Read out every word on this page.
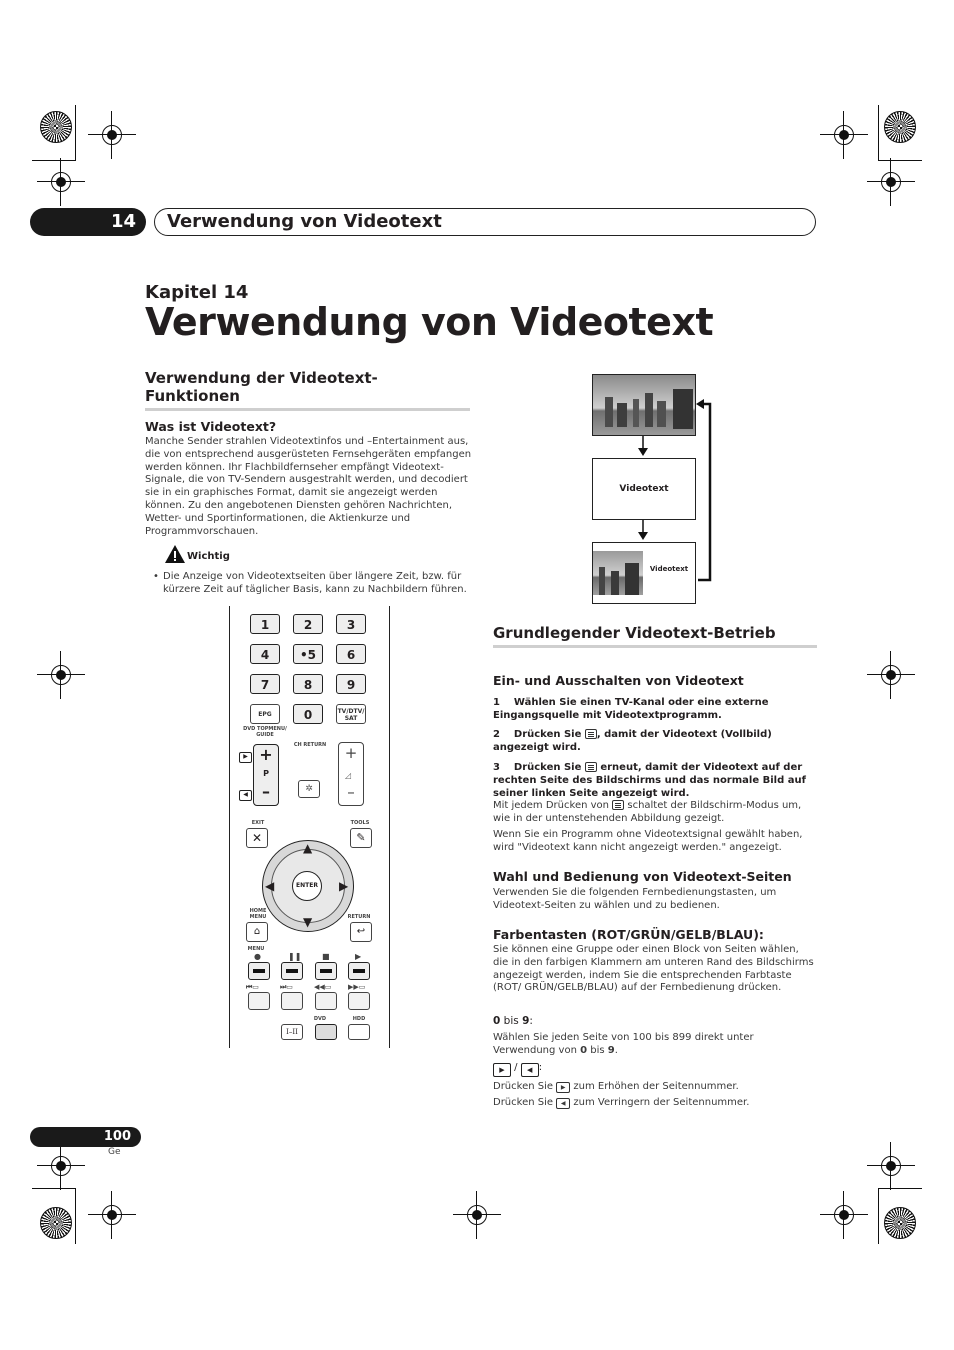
14	Verwendung von Videotext
Kapitel 14
Verwendung von Videotext
Verwendung der Videotext-Funktionen
Was ist Videotext?
Manche Sender strahlen Videotextinfos und –Entertainment aus, die von entsprechend ausgerüsteten Fernsehgeräten empfangen werden können. Ihr Flachbildfernseher empfängt Videotext-Signale, die von TV-Sendern ausgestrahlt werden, und decodiert sie in ein graphisches Format, damit sie angezeigt werden können. Zu den angebotenen Diensten gehören Nachrichten, Wetter- und Sportinformationen, die Aktienkurze und Programmvorschauen.
Wichtig
• Die Anzeige von Videotextseiten über längere Zeit, bzw. für kürzere Zeit auf täglicher Basis, kann zu Nachbildern führen.
Videotext
Videotext
1	2	3
4	•5	6
7	8	9
EPG	0	TV/DTV/ SAT
DVD TOPMENU/ GUIDE
CH RETURN
▶
◀
+
P
–	✲
+
◿
–
EXIT	TOOLS
✕	✎
▲
▼
◀	▶
ENTER
HOME MENU	RETURN
⌂	↩
MENU
●	❚❚	■	▶
⏮▭	⏭▭	◀◀▭ ▶▶▭
DVD	HDD
I–II
Grundlegender Videotext-Betrieb
Ein- und Ausschalten von Videotext
1 Wählen Sie einen TV-Kanal oder eine externe Eingangsquelle mit Videotextprogramm.
2 Drücken Sie , damit der Videotext (Vollbild) angezeigt wird.
3 Drücken Sie erneut, damit der Videotext auf der rechten Seite des Bildschirms und das normale Bild auf seiner linken Seite angezeigt wird.
Mit jedem Drücken von schaltet der Bildschirm-Modus um, wie in der untenstehenden Abbildung gezeigt.
Wenn Sie ein Programm ohne Videotextsignal gewählt haben, wird "Videotext kann nicht angezeigt werden." angezeigt.
Wahl und Bedienung von Videotext-Seiten
Verwenden Sie die folgenden Fernbedienungstasten, um Videotext-Seiten zu wählen und zu bedienen.
Farbentasten (ROT/GRÜN/GELB/BLAU):
Sie können eine Gruppe oder einen Block von Seiten wählen, die in den farbigen Klammern am unteren Rand des Bildschirms angezeigt werden, indem Sie die entsprechenden Farbtaste (ROT/ GRÜN/GELB/BLAU) auf der Fernbedienung drücken.
0 bis 9:
Wählen Sie jeden Seite von 100 bis 899 direkt unter Verwendung von 0 bis 9.
▶ / ◀ :
Drücken Sie ▶ zum Erhöhen der Seitennummer.
Drücken Sie ◀ zum Verringern der Seitennummer.
100
Ge
